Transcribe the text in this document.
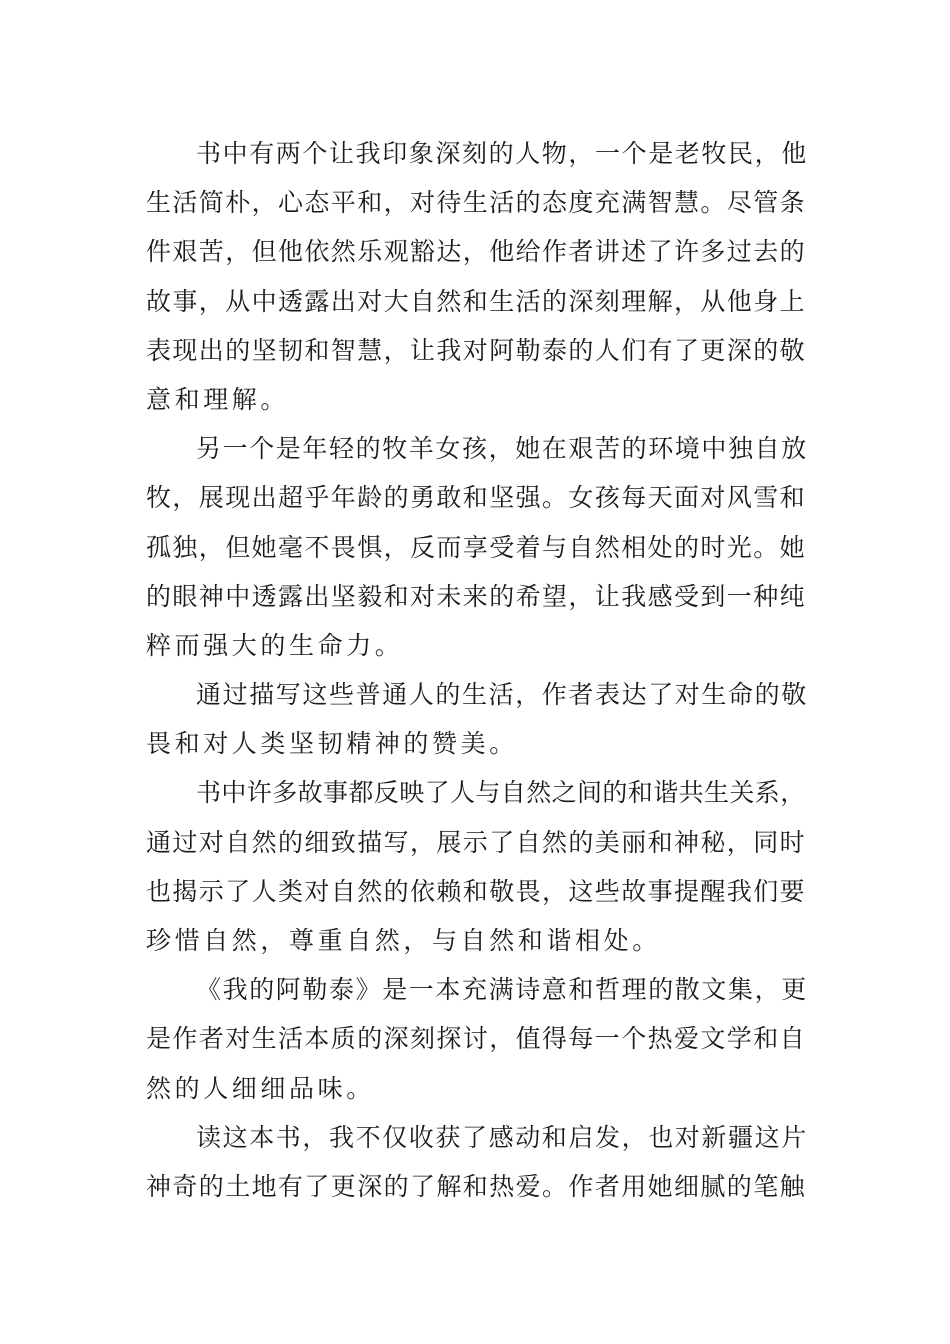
书中有两个让我印象深刻的人物，一个是老牧民，他
生活简朴，心态平和，对待生活的态度充满智慧。尽管条
件艰苦，但他依然乐观豁达，他给作者讲述了许多过去的
故事，从中透露出对大自然和生活的深刻理解，从他身上
表现出的坚韧和智慧，让我对阿勒泰的人们有了更深的敬
意和理解。
另一个是年轻的牧羊女孩，她在艰苦的环境中独自放
牧，展现出超乎年龄的勇敢和坚强。女孩每天面对风雪和
孤独，但她毫不畏惧，反而享受着与自然相处的时光。她
的眼神中透露出坚毅和对未来的希望，让我感受到一种纯
粹而强大的生命力。
通过描写这些普通人的生活，作者表达了对生命的敬
畏和对人类坚韧精神的赞美。
书中许多故事都反映了人与自然之间的和谐共生关系，
通过对自然的细致描写，展示了自然的美丽和神秘，同时
也揭示了人类对自然的依赖和敬畏，这些故事提醒我们要
珍惜自然，尊重自然，与自然和谐相处。
《我的阿勒泰》是一本充满诗意和哲理的散文集，更
是作者对生活本质的深刻探讨，值得每一个热爱文学和自
然的人细细品味。
读这本书，我不仅收获了感动和启发，也对新疆这片
神奇的土地有了更深的了解和热爱。作者用她细腻的笔触
